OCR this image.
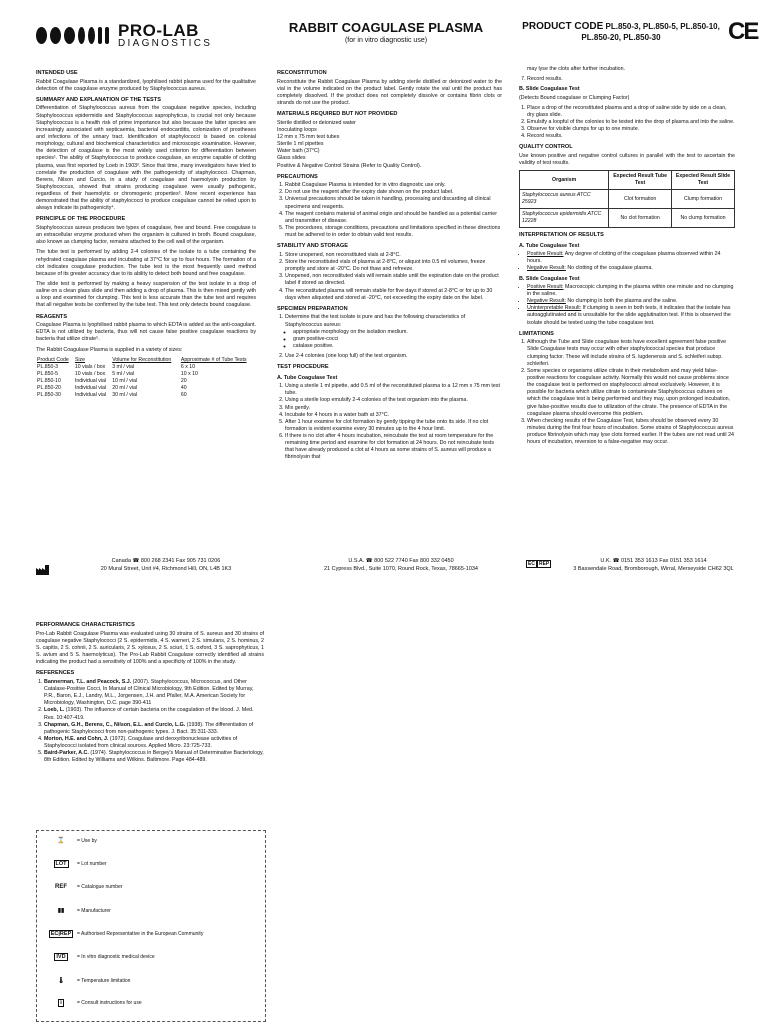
PRO-LAB
DIAGNOSTICS
RABBIT COAGULASE PLASMA
(for in vitro diagnostic use)
PRODUCT CODE PL.850-3, PL.850-5, PL.850-10,
PL.850-20, PL.850-30	CE
INTENDED USE

Rabbit Coagulase Plasma is a standardized, lyophilised rabbit plasma used for the qualitative detection of the coagulase enzyme produced by Staphylococcus aureus.

SUMMARY AND EXPLANATION OF THE TESTS

Differentiation of Staphylococcus aureus from the coagulase negative species, including Staphylococcus epidermidis and Staphylococcus saprophyticus, is crucial not only because Staphylococcus is a health risk of prime importance but also because the latter species are increasingly associated with septicaemia, bacterial endocarditis, colonization of prostheses and infections of the urinary tract. Identification of staphylococci is based on colonial morphology, cultural and biochemical characteristics and microscopic examination. However, the detection of coagulase is the most widely used criterion for differentiation between species¹. The ability of Staphylococcus to produce coagulase, an enzyme capable of clotting plasma, was first reported by Loeb in 1903². Since that time, many investigators have tried to correlate the production of coagulase with the pathogenicity of staphylococci. Chapman, Berens, Nilson and Curcio, in a study of coagulase and haemolysin production by Staphylococcus, showed that strains producing coagulase were usually pathogenic, regardless of their haemolytic or chromogenic properties³. More recent experience has demonstrated that the ability of staphylococci to produce coagulase cannot be relied upon to always indicate its pathogenicity⁴.

PRINCIPLE OF THE PROCEDURE

Staphylococcus aureus produces two types of coagulase, free and bound. Free coagulase is an extracellular enzyme produced when the organism is cultured in broth. Bound coagulase, also known as clumping factor, remains attached to the cell wall of the organism.

The tube test is performed by adding 2-4 colonies of the isolate to a tube containing the rehydrated coagulase plasma and incubating at 37°C for up to four hours. The formation of a clot indicates coagulase production. The tube test is the most frequently used method because of its greater accuracy due to its ability to detect both bound and free coagulase.

The slide test is performed by making a heavy suspension of the test isolate in a drop of saline on a clean glass slide and then adding a drop of plasma. This is then mixed gently with a loop and examined for clumping. This test is less accurate than the tube test and requires that all negative tests be confirmed by the tube test. This test only detects bound coagulase.

REAGENTS

Coagulase Plasma is lyophilised rabbit plasma to which EDTA is added as the anti-coagulant. EDTA is not utilized by bacteria, thus will not cause false positive coagulase reactions by bacteria that utilize citrate⁵.

The Rabbit Coagulase Plasma is supplied in a variety of sizes:

Product Code	Size	Volume for Reconstitution	Approximate # of Tube Tests
PL.850-3	10 vials / box	3 ml / vial	6 x 10
PL.850-5	10 vials / box	5 ml / vial	10 x 10
PL.850-10	Individual vial	10 ml / vial	20
PL.850-20	Individual vial	20 ml / vial	40
PL.850-30	Individual vial	30 ml / vial	60
RECONSTITUTION

Reconstitute the Rabbit Coagulase Plasma by adding sterile distilled or deionized water to the vial in the volume indicated on the product label. Gently rotate the vial until the product has completely dissolved. If the product does not completely dissolve or contains fibrin clots or strands do not use the product.

MATERIALS REQUIRED BUT NOT PROVIDED
Sterile distilled or deionized water
Inoculating loops
12 mm x 75 mm test tubes
Sterile 1 ml pipettes
Water bath (37°C)
Glass slides
Positive & Negative Control Strains (Refer to Quality Control).
PRECAUTIONS
1. Rabbit Coagulase Plasma is intended for in vitro diagnostic use only.
2. Do not use the reagent after the expiry date shown on the product label.
3. Universal precautions should be taken in handling, processing and discarding all clinical specimens and reagents.
4. The reagent contains material of animal origin and should be handled as a potential carrier and transmitter of disease.
5. The procedures, storage conditions, precautions and limitations specified in these directions must be adhered to in order to obtain valid test results.
STABILITY AND STORAGE
1. Store unopened, non reconstituted vials at 2-8°C.
2. Store the reconstituted vials of plasma at 2-8°C, or aliquot into 0.5 ml volumes, freeze promptly and store at -20°C. Do not thaw and refreeze.
3. Unopened, non reconstituted vials will remain stable until the expiration date on the product label if stored as directed.
4. The reconstituted plasma will remain stable for five days if stored at 2-8°C or for up to 30 days when aliquoted and stored at -20°C, not exceeding the expiry date on the label.
SPECIMEN PREPARATION
1. Determine that the test isolate is pure and has the following characteristics of Staphylococcus aureus:
◦ appropriate morphology on the isolation medium.
◦ gram positive-cocci
◦ catalase positive.
2. Use 2-4 colonies (one loop full) of the test organism.
TEST PROCEDURE
A. Tube Coagulase Test
1. Using a sterile 1 ml pipette, add 0.5 ml of the reconstituted plasma to a 12 mm x 75 mm test tube.
2. Using a sterile loop emulsify 2-4 colonies of the test organism into the plasma.
3. Mix gently.
4. Incubate for 4 hours in a water bath at 37°C.
5. After 1 hour examine for clot formation by gently tipping the tube onto its side. If no clot formation is evident examine every 30 minutes up to the 4 hour limit.
6. If there is no clot after 4 hours incubation, reincubate the test at room temperature for the remaining time period and examine for clot formation at 24 hours. Do not reincubate tests that have already produced a clot at 4 hours as some strains of S. aureus will produce a fibrinolysin that

may lyse the clots after further incubation.

7. Record results.
B. Slide Coagulase Test

(Detects Bound coagulase or Clumping Factor)

1. Place a drop of the reconstituted plasma and a drop of saline side by side on a clean, dry glass slide.
2. Emulsify a loopful of the colonies to be tested into the drop of plasma and into the saline.
3. Observe for visible clumps for up to one minute.
4. Record results.
QUALITY CONTROL

Use known positive and negative control cultures in parallel with the test to ascertain the validity of test results.

Organism	Expected Result Tube Test	Expected Result Slide Test
Staphylococcus aureus ATCC 25923	Clot formation	Clump formation
Staphylococcus epidermidis ATCC 12228	No clot formation	No clump formation
INTERPRETATION OF RESULTS
A. Tube Coagulase Test
• Positive Result: Any degree of clotting of the coagulase plasma observed within 24 hours.
• Negative Result: No clotting of the coagulase plasma.
B. Slide Coagulase Test
• Positive Result: Macroscopic clumping in the plasma within one minute and no clumping in the saline.
• Negative Result: No clumping in both the plasma and the saline.
• Uninterpretable Result: If clumping is seen in both tests, it indicates that the isolate has autoagglutinated and is unsuitable for the slide agglutination test. If this is observed the isolate should be tested using the tube coagulase test.
LIMITATIONS
1. Although the Tube and Slide coagulase tests have excellent agreement false positive Slide Coagulase tests may occur with other staphylococcal species that produce clumping factor. These will include strains of S. lugdenensis and S. schleiferi subsp. schleiferi.
2. Some species or organisms utilize citrate in their metabolism and may yield false-positive reactions for coagulase activity. Normally this would not cause problems since the coagulase test is performed on staphylococci almost exclusively. However, it is possible for bacteria which utilize citrate to contaminate Staphylococcus cultures on which the coagulase test is being performed and they may, upon prolonged incubation, give false-positive results due to utilization of the citrate. The presence of EDTA in the coagulase plasma should overcome this problem.
3. When checking results of the Coagulase Test, tubes should be observed every 30 minutes during the first four hours of incubation. Some strains of Staphylococcus aureus produce fibrinolysin which may lyse clots formed earlier. If the tubes are not read until 24 hours of incubation, reversion to a false-negative may occur.
Canada ☎ 800 268 2341 Fax 905 731 0206
20 Mural Street, Unit #4, Richmond Hill, ON, L4B 1K3
U.S.A. ☎ 800 522 7740 Fax 800 332 0450
21 Cypress Blvd., Suite 1070, Round Rock, Texas, 78665-1034
EC REP	U.K. ☎ 0151 353 1613 Fax 0151 353 1614
3 Bassendale Road, Bromborough, Wirral, Merseyside CH62 3QL
PERFORMANCE CHARACTERISTICS

Pro-Lab Rabbit Coagulase Plasma was evaluated using 30 strains of S. aureus and 30 strains of coagulase negative Staphylococci (2 S. epidermidis, 4 S. warneri, 2 S. simulans, 2 S. hominus, 2 S. capitis, 2 S. cohnii, 2 S. auricularis, 2 S. xylosus, 2 S. sciuri, 1 S. oxford, 3 S. saprophyticus, 1 S. avium and 5 S. haemolyticus). The Pro-Lab Rabbit Coagulase correctly identified all strains indicating the product had a sensitivity of 100% and a specificity of 100% in the study.

REFERENCES
1. Bannerman, T.L. and Peacock, S.J. (2007). Staphylococcus, Micrococcus, and Other Catalase-Positive Cocci, In Manual of Clinical Microbiology, 9th Edition. Edited by Murray, P.R., Baron, E.J., Landry, M.L., Jorgensen, J.H. and Pfaller, M.A. American Society for Microbiology, Washington, D.C. page 390-411
2. Loeb, L. (1903). The influence of certain bacteria on the coagulation of the blood. J. Med. Res. 10:407-419.
3. Chapman, G.H., Berens, C., Nilson, E.L. and Curcio, L.G. (1938). The differentiation of pathogenic Staphylococci from non-pathogenic types. J. Bact. 35:311-333.
4. Morton, H.E. and Cohn, J. (1972). Coagulase and deoxyribonuclease activities of Staphylococci isolated from clinical sources. Applied Micro. 23:725-733.
5. Baird-Parker, A.C. (1974). Staphylococcus in Bergey's Manual of Determinative Bacteriology, 8th Edition. Edited by Williams and Wilkins. Baltimore. Page 484-489.
⌛ = Use by
LOT	= Lot number
REF = Catalogue number
▮▮	= Manufacturer
EC|REP	= Authorised Representative in the European Community
IVD	= In vitro diagnostic medical device
🌡 = Temperature limitation
i	= Consult instructions for use
